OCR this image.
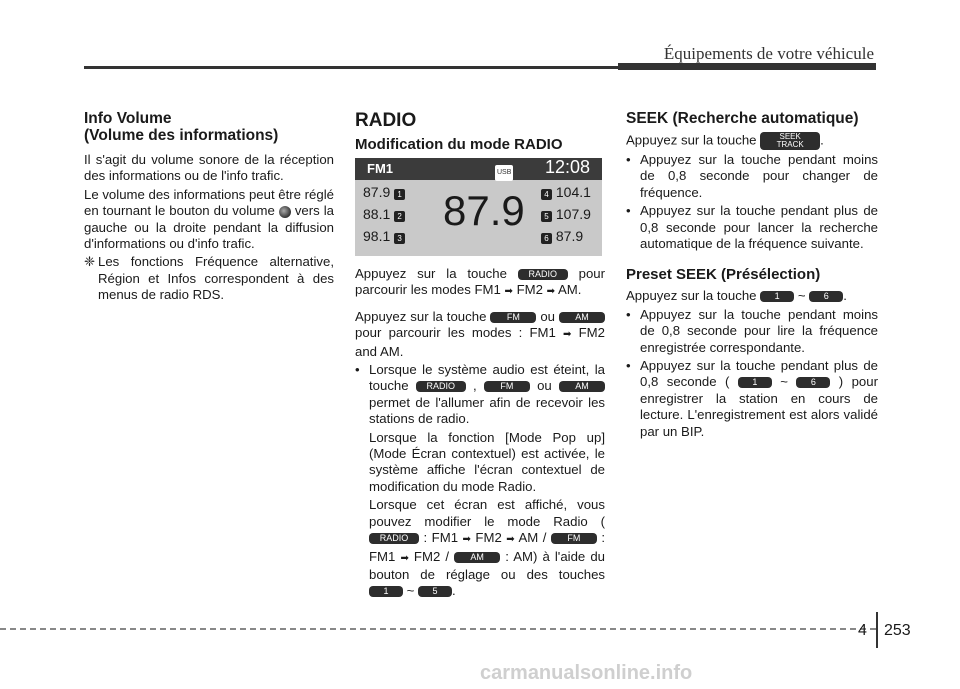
Équipements de votre véhicule
Info Volume
(Volume des informations)

Il s'agit du volume sonore de la réception des informations ou de l'info trafic.

Le volume des informations peut être réglé en tournant le bouton du volume vers la gauche ou la droite pendant la diffusion d'informations ou d'info trafic.

❈ Les fonctions Fréquence alternative, Région et Infos correspondent à des menus de radio RDS.
RADIO
Modification du mode RADIO
FM1	USB 12:08
87.9
87.9 1
88.1 2
98.1 3
4 104.1
5 107.9
6 87.9

Appuyez sur la touche RADIO pour parcourir les modes FM1 ➡ FM2 ➡ AM.

Appuyez sur la touche FM ou AM pour parcourir les modes : FM1 ➡ FM2 and AM.

• Lorsque le système audio est éteint, la touche RADIO ,	FM ou	AM permet de l'allumer afin de recevoir les stations de radio.

Lorsque la fonction [Mode Pop up] (Mode Écran contextuel) est activée, le système affiche l'écran contextuel de modification du mode Radio.

Lorsque cet écran est affiché, vous pouvez modifier le mode Radio (RADIO : FM1 ➡ FM2 ➡ AM / FM : FM1 ➡ FM2 / AM : AM) à l'aide du bouton de réglage ou des touches 1 ~ 5 .

SEEK (Recherche automatique)

Appuyez sur la touche	SEEK
TRACK .

• Appuyez sur la touche pendant moins de 0,8 seconde pour changer de fréquence.
• Appuyez sur la touche pendant plus de 0,8 seconde pour lancer la recherche automatique de la fréquence suivante.
Preset SEEK (Présélection)

Appuyez sur la touche 1 ~ 6 .

• Appuyez sur la touche pendant moins de 0,8 seconde pour lire la fréquence enregistrée correspondante.
• Appuyez sur la touche pendant plus de 0,8 seconde (	1 ~	6 ) pour enregistrer la station en cours de lecture. L'enregistrement est alors validé par un BIP.
4 253
carmanualsonline.info
